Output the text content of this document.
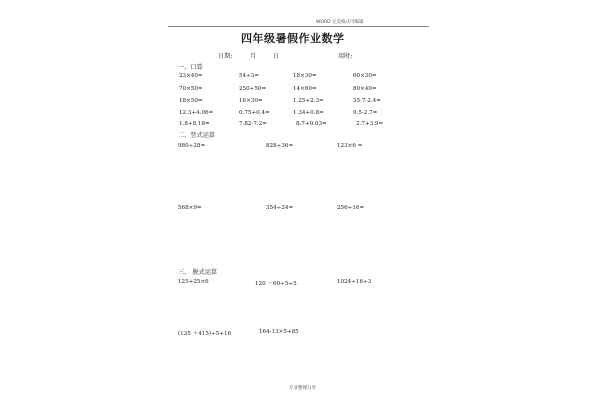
WORD 完美格式可编辑
四年级暑假作业数学
日期:	月	日	用时:
一、口算
23×40=	54÷3=	18×30=	60×30=
70×50=	250÷50=	14×60=	80×40=
18×50=	16×30=	1.25+2.3=	35.7-2.4=
12.3+4.06=	0.75+0.4=	1.34+0.8=	9.5-2.7=
1.8+8.18=	7.82-7.2=	8.7+0.03=	2.7+3.9=
二、竖式运算
980÷28=	828÷36=	123×6 =
568×9=	354÷24=	256÷16=
三、 脱式运算
125+25×6	120 －60÷5÷5	1024÷16÷3
(135 ＋415)÷5+16	164-13×5+85
专业整理分享
